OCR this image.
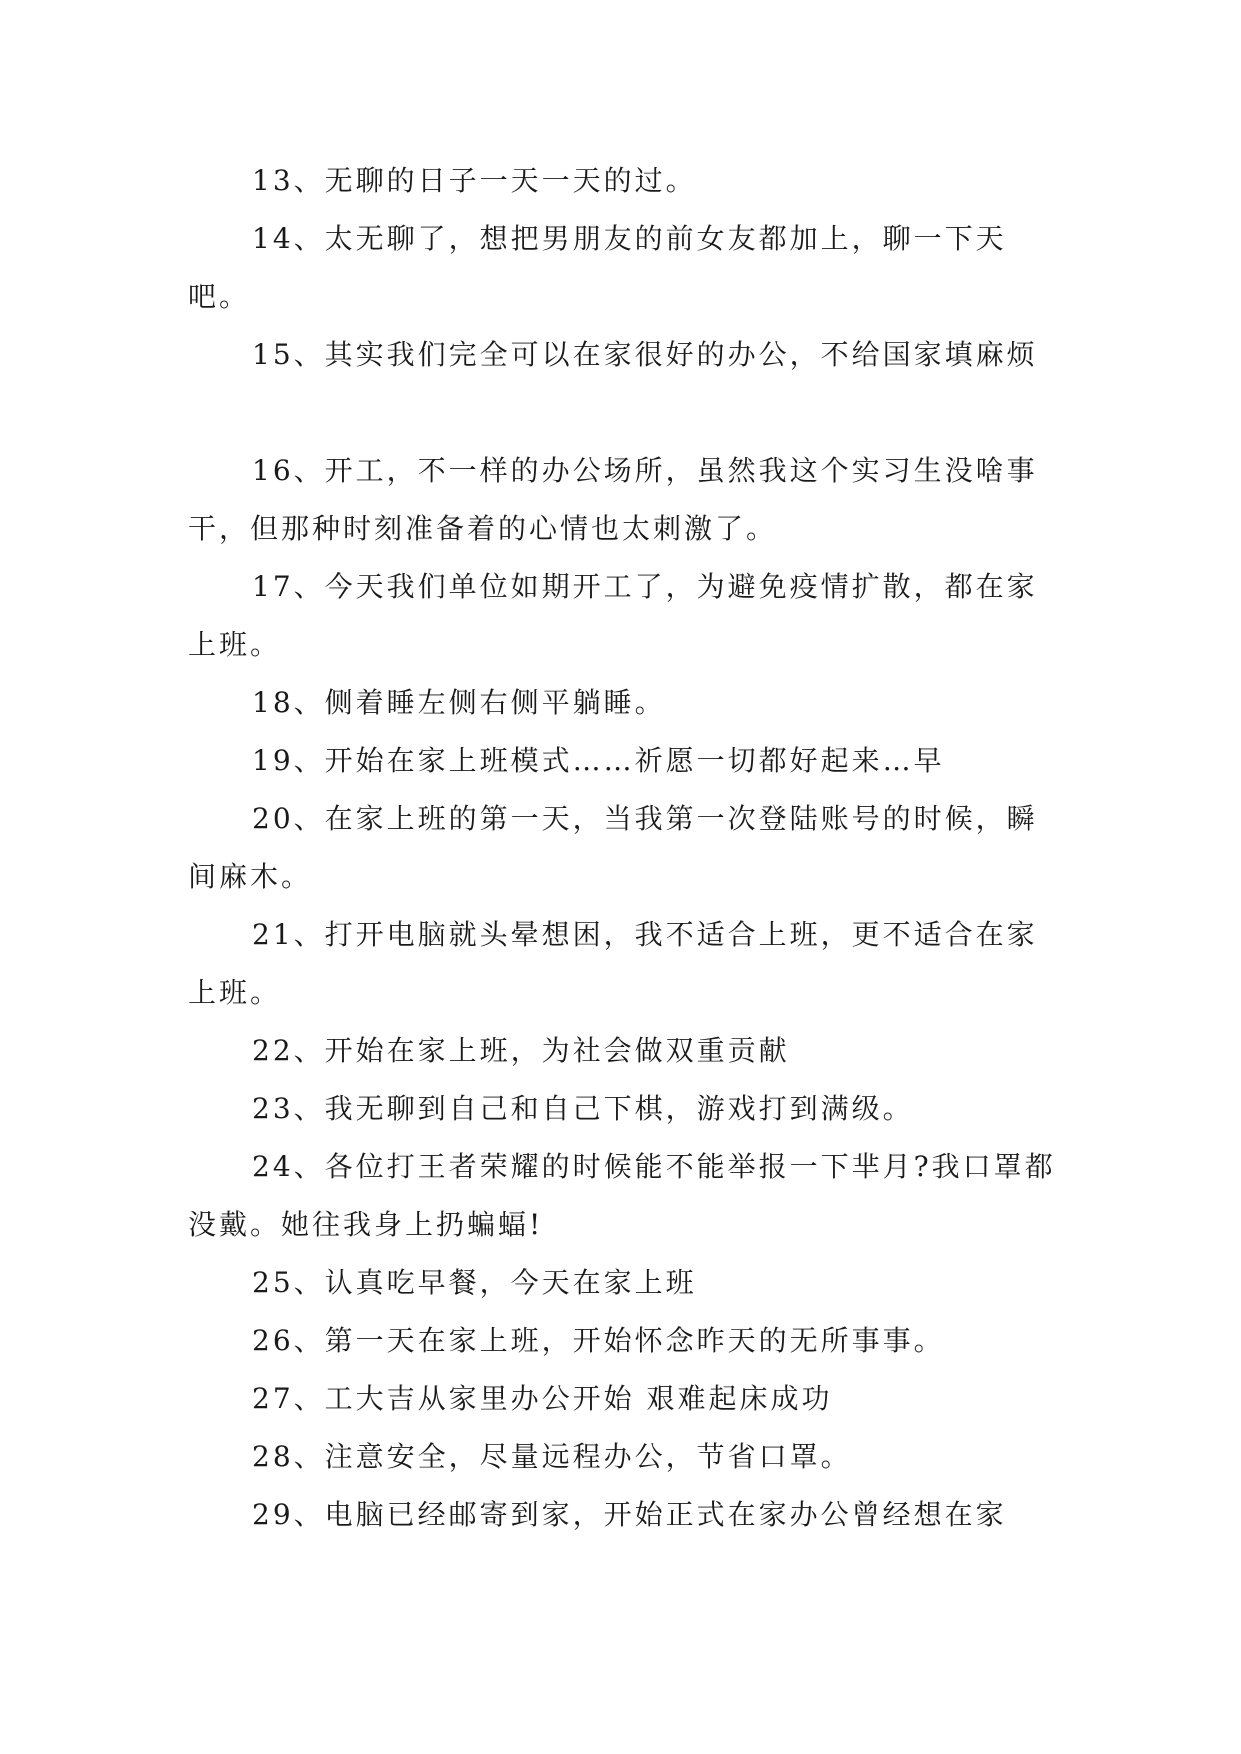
13、无聊的日子一天一天的过。

14、太无聊了，想把男朋友的前女友都加上，聊一下天吧。

15、其实我们完全可以在家很好的办公，不给国家填麻烦

16、开工，不一样的办公场所，虽然我这个实习生没啥事干，但那种时刻准备着的心情也太刺激了。

17、今天我们单位如期开工了，为避免疫情扩散，都在家上班。

18、侧着睡左侧右侧平躺睡。

19、开始在家上班模式……祈愿一切都好起来…早

20、在家上班的第一天，当我第一次登陆账号的时候，瞬间麻木。

21、打开电脑就头晕想困，我不适合上班，更不适合在家上班。

22、开始在家上班，为社会做双重贡献

23、我无聊到自己和自己下棋，游戏打到满级。

24、各位打王者荣耀的时候能不能举报一下芈月?我口罩都没戴。她往我身上扔蝙蝠!

25、认真吃早餐，今天在家上班

26、第一天在家上班，开始怀念昨天的无所事事。

27、工大吉从家里办公开始 艰难起床成功

28、注意安全，尽量远程办公，节省口罩。

29、电脑已经邮寄到家，开始正式在家办公曾经想在家
